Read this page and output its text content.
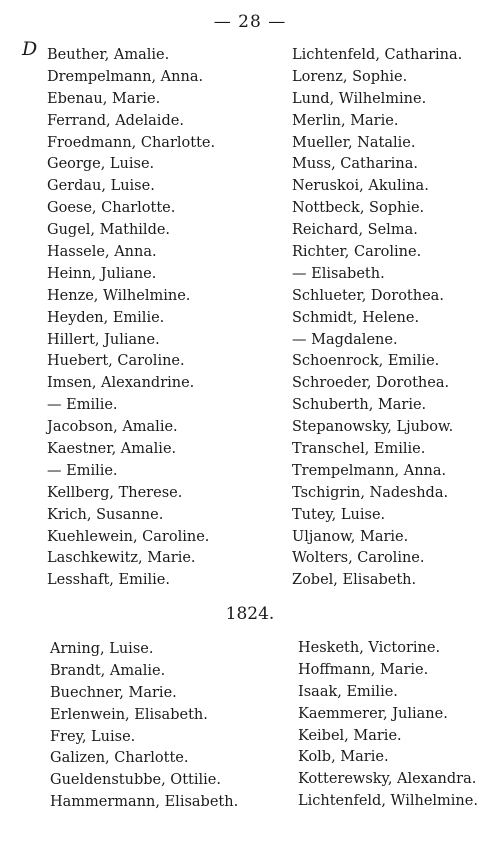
— 28 —
D Beuther, Amalie.
Drempelmann, Anna.
Ebenau, Marie.
Ferrand, Adelaide.
Froedmann, Charlotte.
George, Luise.
Gerdau, Luise.
Goese, Charlotte.
Gugel, Mathilde.
Hassele, Anna.
Heinn, Juliane.
Henze, Wilhelmine.
Heyden, Emilie.
Hillert, Juliane.
Huebert, Caroline.
Imsen, Alexandrine.
— Emilie.
Jacobson, Amalie.
Kaestner, Amalie.
— Emilie.
Kellberg, Therese.
Krich, Susanne.
Kuehlewein, Caroline.
Laschkewitz, Marie.
Lesshaft, Emilie.
Lichtenfeld, Catharina.
Lorenz, Sophie.
Lund, Wilhelmine.
Merlin, Marie.
Mueller, Natalie.
Muss, Catharina.
Neruskoi, Akulina.
Nottbeck, Sophie.
Reichard, Selma.
Richter, Caroline.
— Elisabeth.
Schlueter, Dorothea.
Schmidt, Helene.
— Magdalene.
Schoenrock, Emilie.
Schroeder, Dorothea.
Schuberth, Marie.
Stepanowsky, Ljubow.
Transchel, Emilie.
Trempelmann, Anna.
Tschigrin, Nadeshda.
Tutey, Luise.
Uljanow, Marie.
Wolters, Caroline.
Zobel, Elisabeth.
1824.
Arning, Luise.
Brandt, Amalie.
Buechner, Marie.
Erlenwein, Elisabeth.
Frey, Luise.
Galizen, Charlotte.
Gueldenstubbe, Ottilie.
Hammermann, Elisabeth.
Hesketh, Victorine.
Hoffmann, Marie.
Isaak, Emilie.
Kaemmerer, Juliane.
Keibel, Marie.
Kolb, Marie.
Kotterewsky, Alexandra.
Lichtenfeld, Wilhelmine.
